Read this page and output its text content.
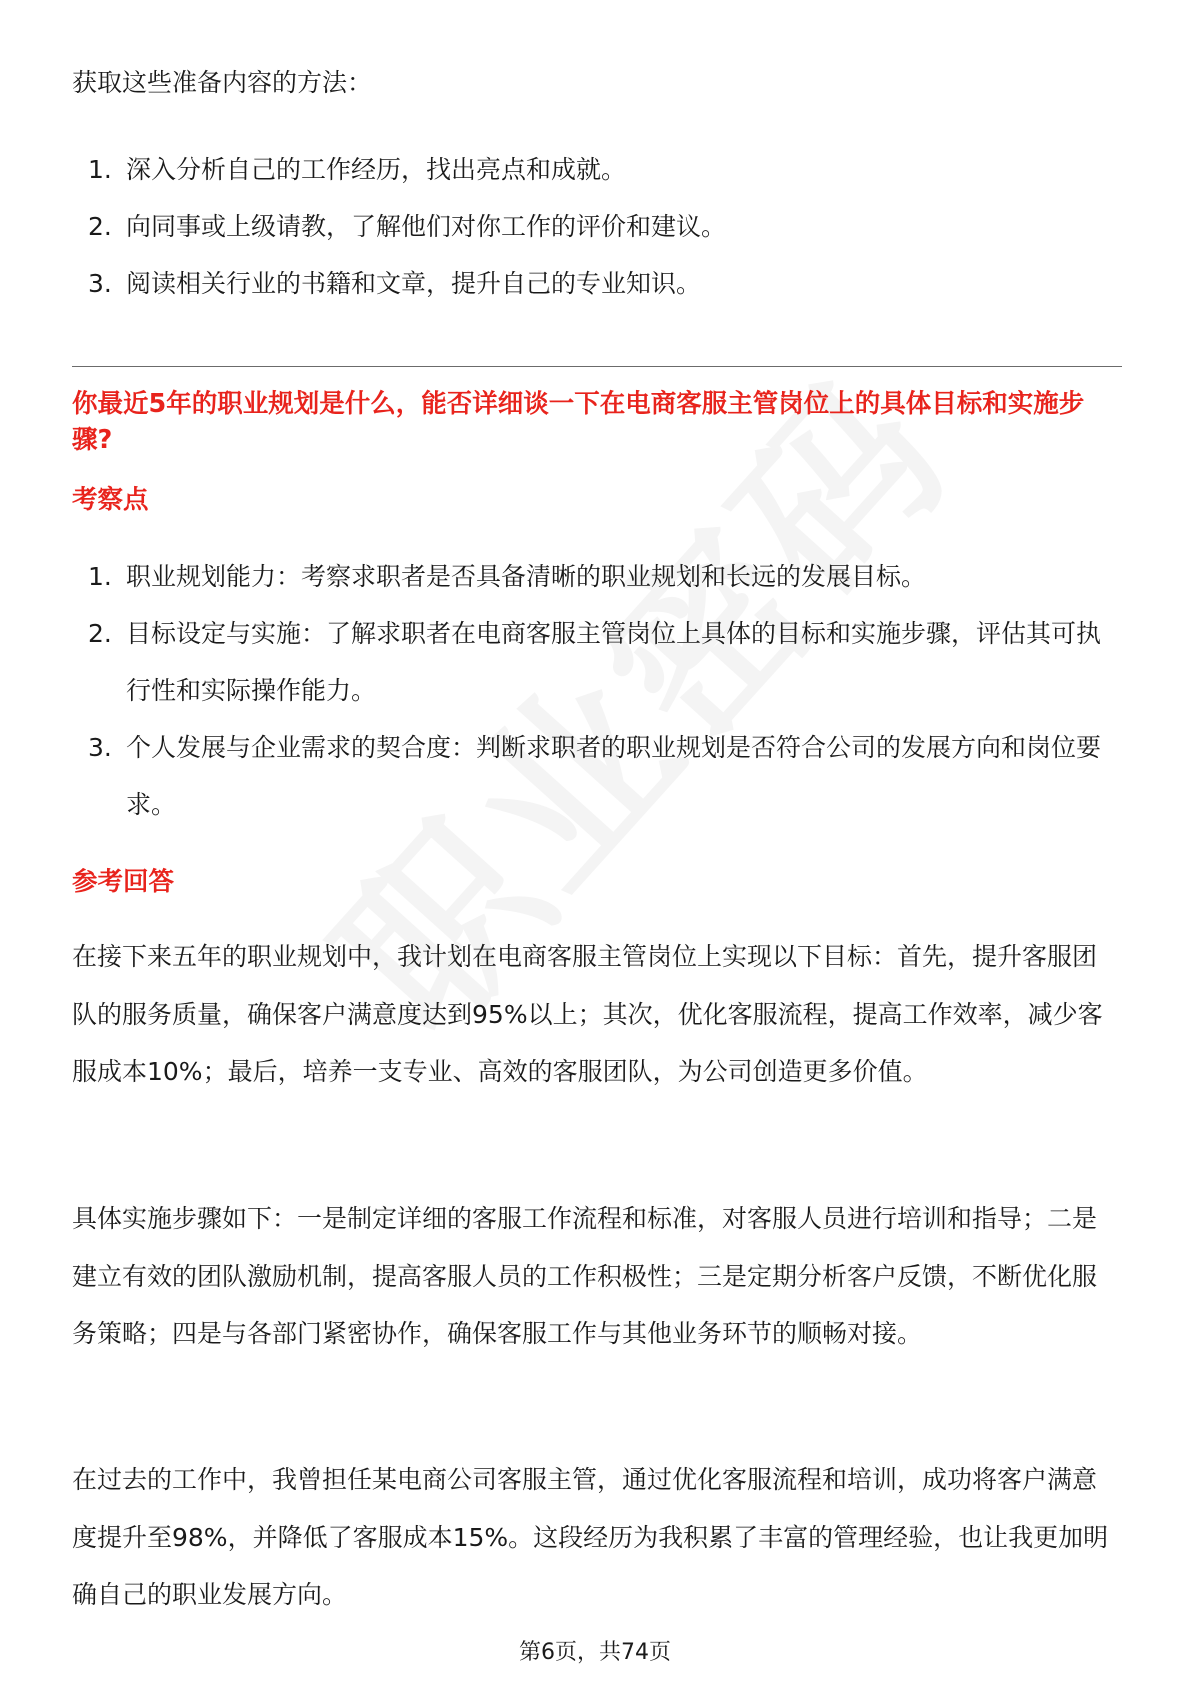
获取这些准备内容的方法：
1. 深入分析自己的工作经历，找出亮点和成就。
2. 向同事或上级请教，了解他们对你工作的评价和建议。
3. 阅读相关行业的书籍和文章，提升自己的专业知识。
你最近5年的职业规划是什么，能否详细谈一下在电商客服主管岗位上的具体目标和实施步骤?
考察点
1. 职业规划能力：考察求职者是否具备清晰的职业规划和长远的发展目标。
2. 目标设定与实施：了解求职者在电商客服主管岗位上具体的目标和实施步骤，评估其可执行性和实际操作能力。
3. 个人发展与企业需求的契合度：判断求职者的职业规划是否符合公司的发展方向和岗位要求。
参考回答
在接下来五年的职业规划中，我计划在电商客服主管岗位上实现以下目标：首先，提升客服团队的服务质量，确保客户满意度达到95%以上；其次，优化客服流程，提高工作效率，减少客服成本10%；最后，培养一支专业、高效的客服团队，为公司创造更多价值。
具体实施步骤如下：一是制定详细的客服工作流程和标准，对客服人员进行培训和指导；二是建立有效的团队激励机制，提高客服人员的工作积极性；三是定期分析客户反馈，不断优化服务策略；四是与各部门紧密协作，确保客服工作与其他业务环节的顺畅对接。
在过去的工作中，我曾担任某电商公司客服主管，通过优化客服流程和培训，成功将客户满意度提升至98%，并降低了客服成本15%。这段经历为我积累了丰富的管理经验，也让我更加明确自己的职业发展方向。
第6页，共74页
